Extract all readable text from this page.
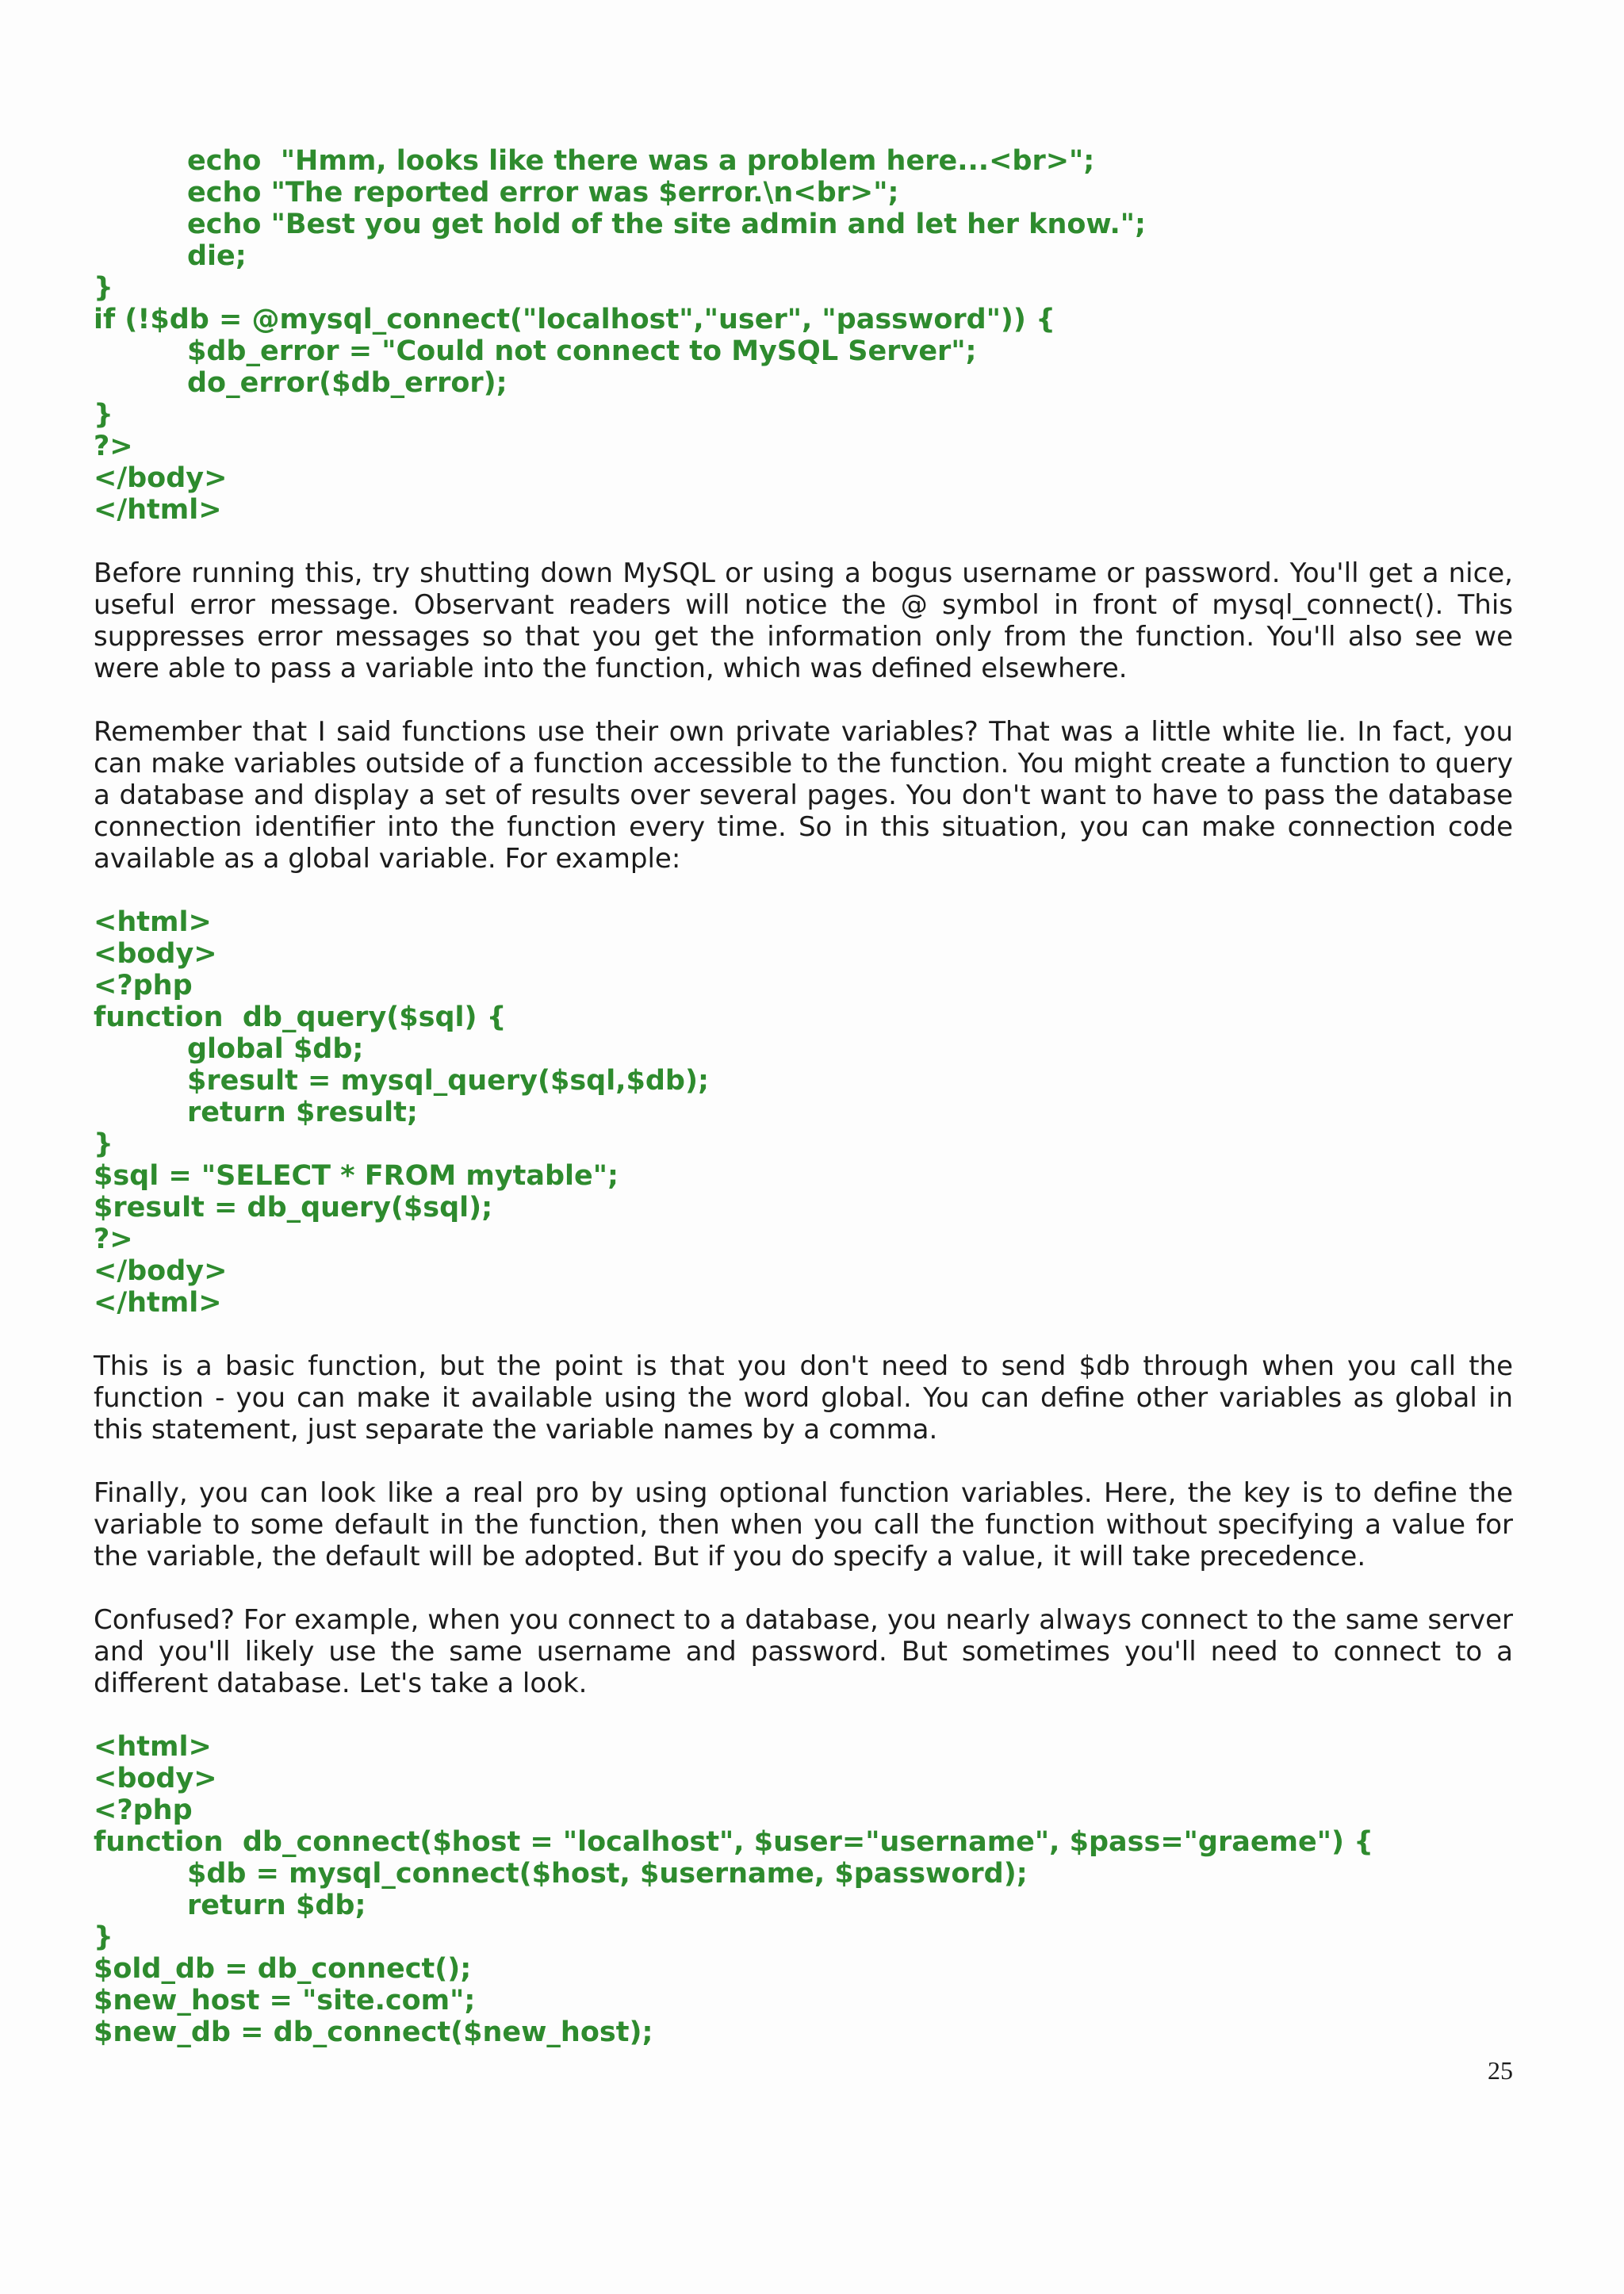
echo  "Hmm, looks like there was a problem here...<br>";
echo "The reported error was $error.\n<br>";
echo "Best you get hold of the site admin and let her know.";
die;
}
if (!$db = @mysql_connect("localhost","user", "password")) {
$db_error = "Could not connect to MySQL Server";
do_error($db_error);
}
?>
</body>
</html>

Before running this, try shutting down MySQL or using a bogus username or password. You'll get a nice, useful error message. Observant readers will notice the @ symbol in front of mysql_connect(). This suppresses error messages so that you get the information only from the function. You'll also see we were able to pass a variable into the function, which was defined elsewhere.

Remember that I said functions use their own private variables? That was a little white lie. In fact, you can make variables outside of a function accessible to the function. You might create a function to query a database and display a set of results over several pages. You don't want to have to pass the database connection identifier into the function every time. So in this situation, you can make connection code available as a global variable. For example:

<html>
<body>
<?php
function  db_query($sql) {
global $db;
$result = mysql_query($sql,$db);
return $result;
}
$sql = "SELECT * FROM mytable";
$result = db_query($sql);
?>
</body>
</html>

This is a basic function, but the point is that you don't need to send $db through when you call the function - you can make it available using the word global. You can define other variables as global in this statement, just separate the variable names by a comma.

Finally, you can look like a real pro by using optional function variables. Here, the key is to define the variable to some default in the function, then when you call the function without specifying a value for the variable, the default will be adopted. But if you do specify a value, it will take precedence.

Confused? For example, when you connect to a database, you nearly always connect to the same server and you'll likely use the same username and password. But sometimes you'll need to connect to a different database. Let's take a look.

<html>
<body>
<?php
function  db_connect($host = "localhost", $user="username", $pass="graeme") {
$db = mysql_connect($host, $username, $password);
return $db;
}
$old_db = db_connect();
$new_host = "site.com";
$new_db = db_connect($new_host);
25
